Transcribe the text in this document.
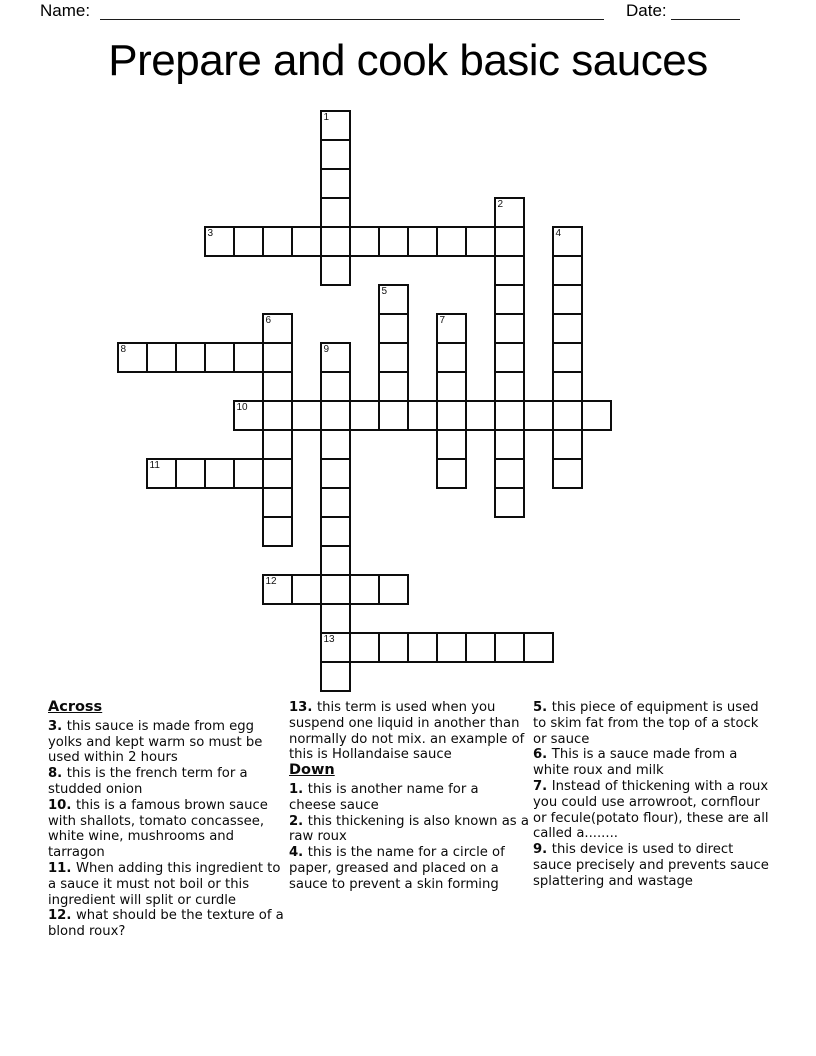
Name:	Date:
Prepare and cook basic sauces
1
2
3	4
5
6	7
8	9
13
10
11
12
Across

3. this sauce is made from egg yolks and kept warm so must be used within 2 hours

8. this is the french term for a studded onion

10. this is a famous brown sauce with shallots, tomato concassee, white wine, mushrooms and tarragon

11. When adding this ingredient to a sauce it must not boil or this ingredient will split or curdle

12. what should be the texture of a blond roux?

13. this term is used when you suspend one liquid in another than normally do not mix. an example of this is Hollandaise sauce

Down

1. this is another name for a cheese sauce

2. this thickening is also known as a raw roux

4. this is the name for a circle of paper, greased and placed on a sauce to prevent a skin forming

5. this piece of equipment is used to skim fat from the top of a stock or sauce

6. This is a sauce made from a white roux and milk

7. Instead of thickening with a roux you could use arrowroot, cornflour or fecule(potato flour), these are all called a........

9. this device is used to direct sauce precisely and prevents sauce splattering and wastage
